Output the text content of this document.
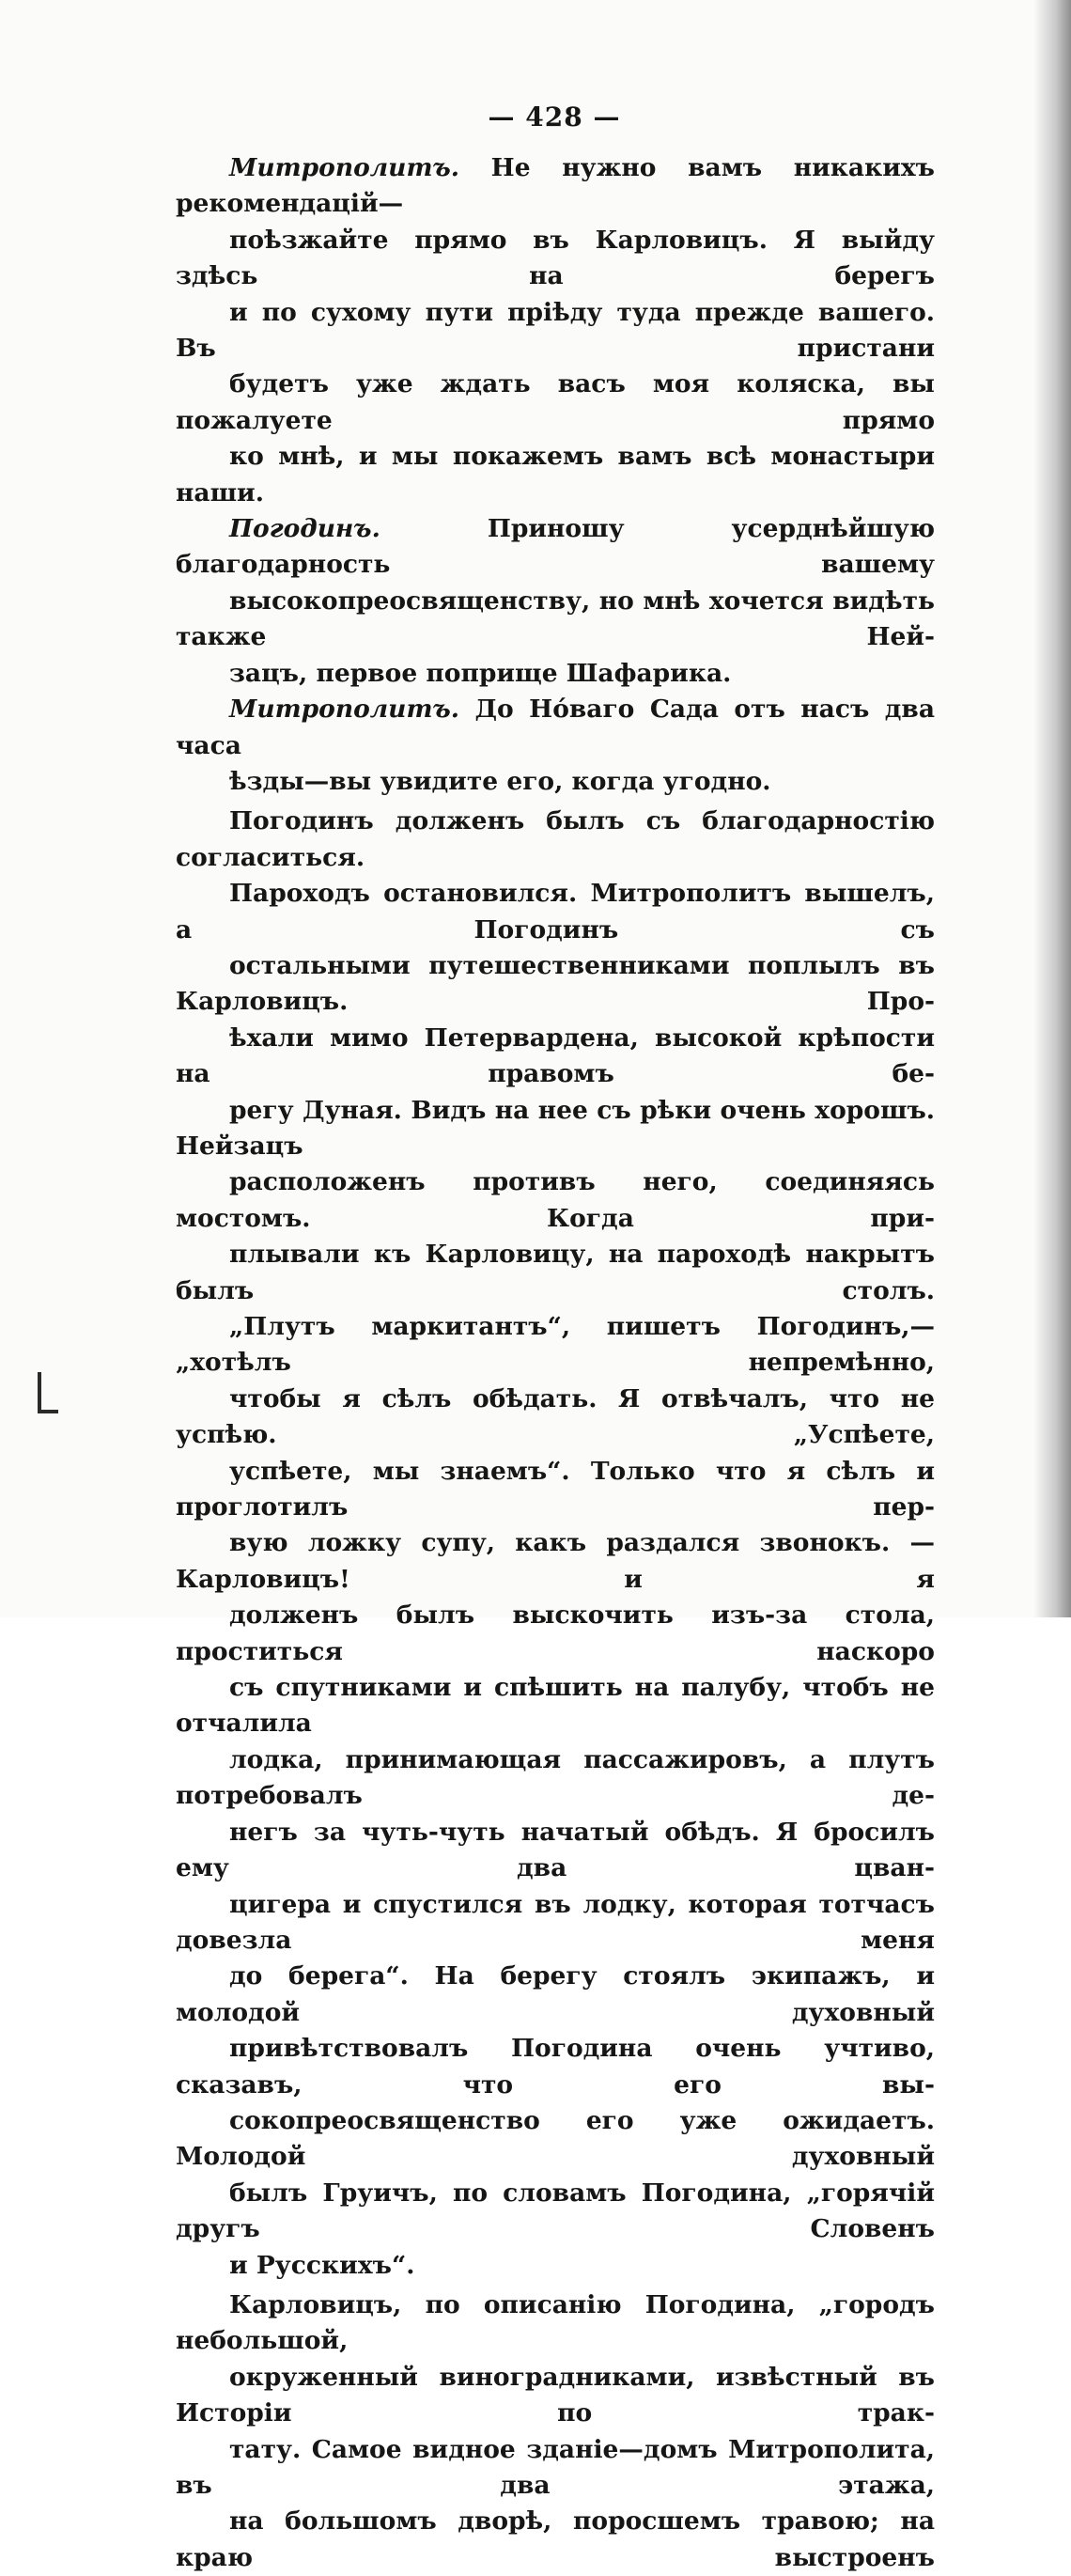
— 428 —

Митрополитъ. Не нужно вамъ никакихъ рекомендацій—
поѣзжайте прямо въ Карловицъ. Я выйду здѣсь на берегъ
и по сухому пути пріѣду туда прежде вашего. Въ пристани
будетъ уже ждать васъ моя коляска, вы пожалуете прямо
ко мнѣ, и мы покажемъ вамъ всѣ монастыри наши.

Погодинъ.	Приношу усерднѣйшую благодарность вашему
высокопреосвященству, но мнѣ хочется видѣть также Ней-
зацъ, первое поприще Шафарика.

Митрополитъ. До Нóваго Сада отъ насъ два часа
ѣзды—вы увидите его, когда угодно.

Погодинъ долженъ былъ съ благодарностію согласиться.
Пароходъ остановился. Митрополитъ вышелъ, а Погодинъ съ
остальными путешественниками поплылъ въ Карловицъ. Про-
ѣхали мимо Петервардена, высокой крѣпости на правомъ бе-
регу Дуная. Видъ на нее съ рѣки очень хорошъ. Нейзацъ
расположенъ противъ него, соединяясь мостомъ. Когда при-
плывали къ Карловицу, на пароходѣ накрытъ былъ столъ.
„Плутъ маркитантъ“, пишетъ Погодинъ,—„хотѣлъ непремѣнно,
чтобы я сѣлъ обѣдать. Я отвѣчалъ, что не успѣю. „Успѣете,
успѣете, мы знаемъ“. Только что я сѣлъ и проглотилъ пер-
вую ложку супу, какъ раздался звонокъ. — Карловицъ! и я
долженъ былъ выскочить изъ-за стола, проститься наскоро
съ спутниками и спѣшить на палубу, чтобъ не отчалила
лодка, принимающая пассажировъ, а плутъ потребовалъ де-
негъ за чуть-чуть начатый обѣдъ. Я бросилъ ему два цван-
цигера и спустился въ лодку, которая тотчасъ довезла меня
до берега“. На берегу стоялъ экипажъ, и молодой духовный
привѣтствовалъ Погодина очень учтиво, сказавъ, что его вы-
сокопреосвященство его уже ожидаетъ. Молодой духовный
былъ Груичъ, по словамъ Погодина, „горячій другъ Словенъ
и Русскихъ“.

Карловицъ, по описанію Погодина, „городъ небольшой,
окруженный виноградниками, извѣстный въ Исторіи по трак-
тату. Самое видное зданіе—домъ Митрополита, въ два этажа,
на большомъ дворѣ, поросшемъ травою; на краю выстроенъ
